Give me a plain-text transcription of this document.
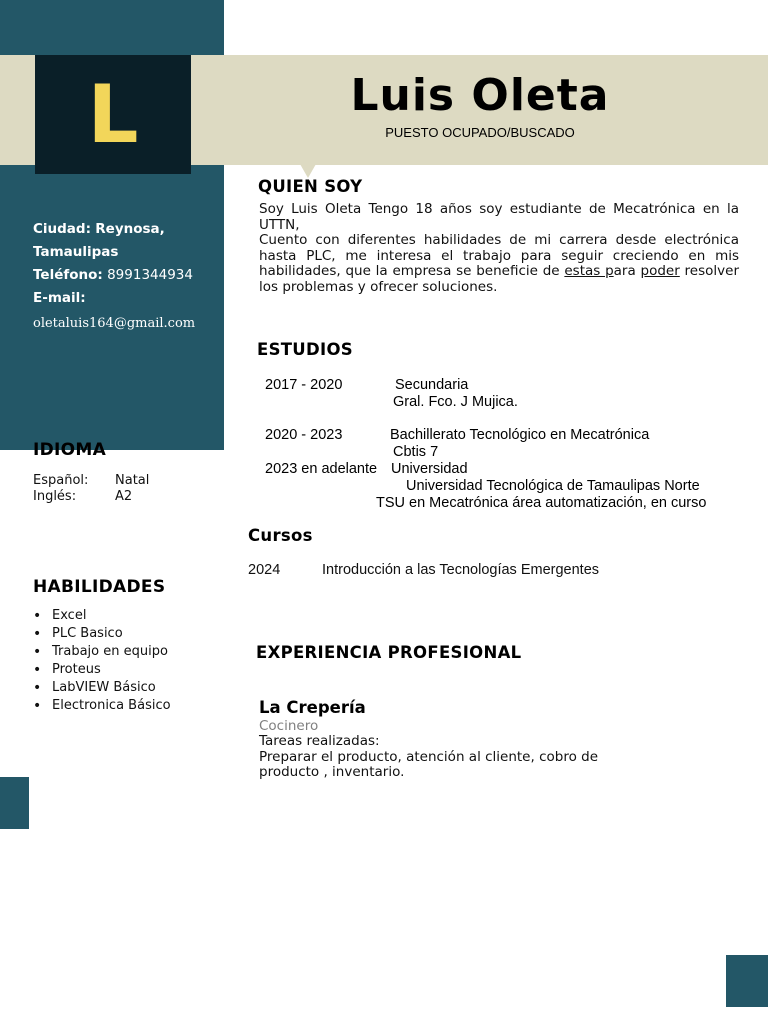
L	Luis Oleta
PUESTO OCUPADO/BUSCADO
Ciudad: Reynosa, Tamaulipas
Teléfono: 8991344934
E-mail:
oletaluis164@gmail.com
IDIOMA
Español:	Natal
Inglés:	A2
HABILIDADES
• Excel
• PLC Basico
• Trabajo en equipo
• Proteus
• LabVIEW Básico
• Electronica Básico
QUIEN SOY
Soy Luis Oleta Tengo 18 años soy estudiante de Mecatrónica en la UTTN,
Cuento con diferentes habilidades de mi carrera desde electrónica hasta PLC, me interesa el trabajo para seguir creciendo en mis habilidades, que la empresa se beneficie de estas para poder resolver los problemas y ofrecer soluciones.
ESTUDIOS
2017 - 2020	Secundaria
Gral. Fco. J Mujica.
2020 - 2023	Bachillerato Tecnológico en Mecatrónica
Cbtis 7
2023 en adelante Universidad
Universidad Tecnológica de Tamaulipas Norte
TSU en Mecatrónica área automatización, en curso
Cursos
2024	Introducción a las Tecnologías Emergentes
EXPERIENCIA PROFESIONAL
La Crepería
Cocinero
Tareas realizadas:
Preparar el producto, atención al cliente, cobro de producto , inventario.
